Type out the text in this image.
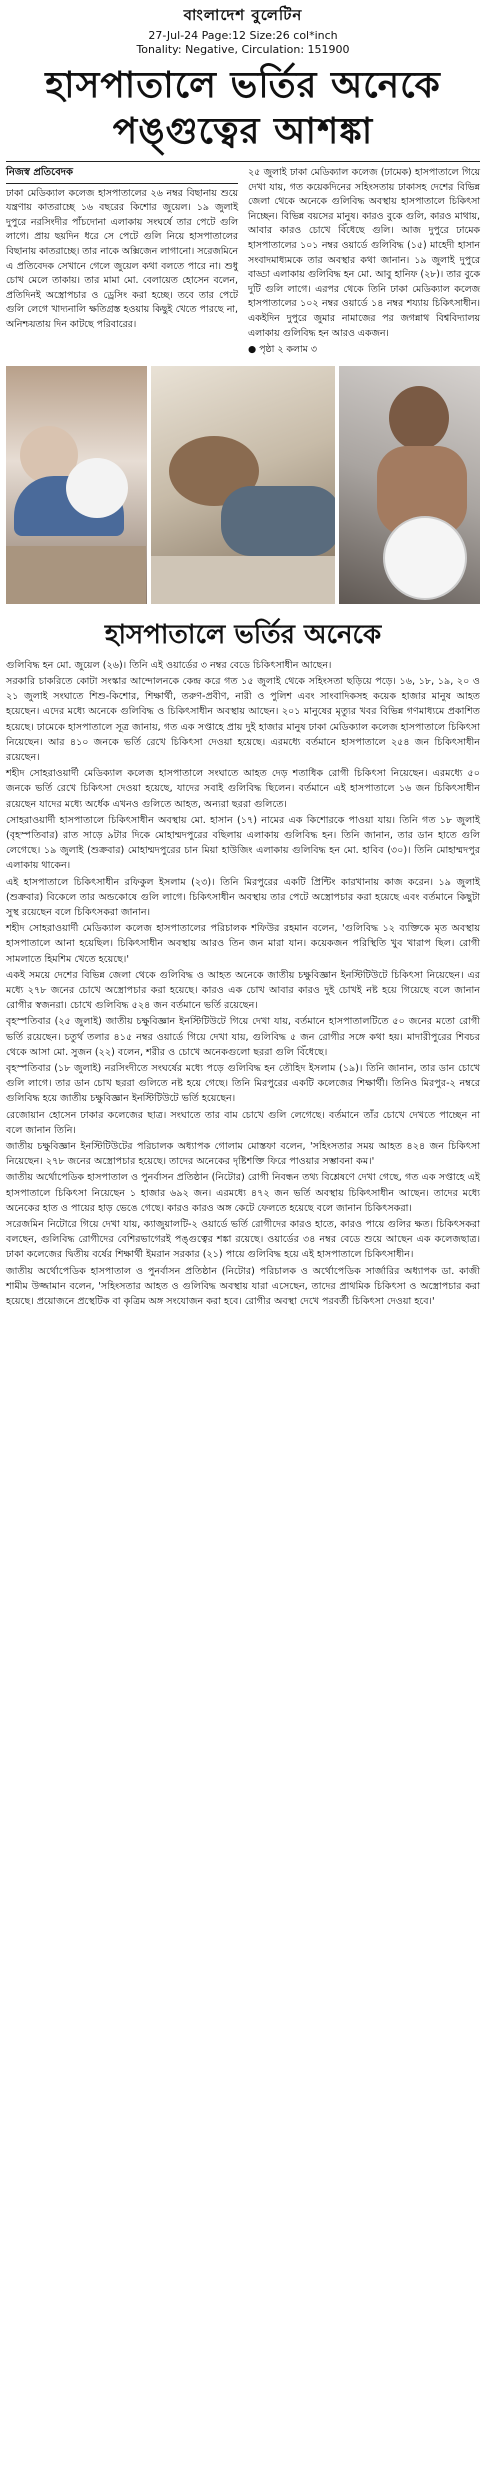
বাংলাদেশ বুলেটিন
27-Jul-24 Page:12 Size:26 col*inch
Tonality: Negative, Circulation: 151900
হাসপাতালে ভর্তির অনেকে পঙ্গুত্বের আশঙ্কা
নিজস্ব প্রতিবেদক
ঢাকা মেডিক্যাল কলেজ হাসপাতালের ২৬ নম্বর বিছানায় শুয়ে যন্ত্রণায় কাতরাচ্ছে ১৬ বছরের কিশোর জুয়েল। ১৯ জুলাই দুপুরে নরসিংদীর পাঁচদোনা এলাকায় সংঘর্ষে তার পেটে গুলি লাগে। প্রায় ছয়দিন ধরে সে পেটে গুলি নিয়ে হাসপাতালের বিছানায় কাতরাচ্ছে। তার নাকে অক্সিজেন লাগানো। সরেজমিনে এ প্রতিবেদক সেখানে গেলে জুয়েল কথা বলতে পারে না। শুধু চোখ মেলে তাকায়। তার মামা মো. বেলায়েত হোসেন বলেন, প্রতিদিনই অস্ত্রোপচার ও ড্রেসিং করা হচ্ছে। তবে তার পেটে গুলি লেগে খাদ্যনালি ক্ষতিগ্রস্ত হওয়ায় কিছুই খেতে পারছে না, অনিশ্চয়তায় দিন কাটছে পরিবারের।
২৫ জুলাই ঢাকা মেডিক্যাল কলেজ (ঢামেক) হাসপাতালে গিয়ে দেখা যায়, গত কয়েকদিনের সহিংসতায় ঢাকাসহ দেশের বিভিন্ন জেলা থেকে অনেকে গুলিবিদ্ধ অবস্থায় হাসপাতালে চিকিৎসা নিচ্ছেন। বিভিন্ন বয়সের মানুষ। কারও বুকে গুলি, কারও মাথায়, আবার কারও চোখে বিঁধেছে গুলি। আজ দুপুরে ঢামেক হাসপাতালের ১০১ নম্বর ওয়ার্ডে গুলিবিদ্ধ (১৫) মাহেদী হাসান সংবাদমাধ্যমকে তার অবস্থার কথা জানান। ১৯ জুলাই দুপুরে বাড্ডা এলাকায় গুলিবিদ্ধ হন মো. আবু হানিফ (২৮)। তার বুকে দুটি গুলি লাগে। এরপর থেকে তিনি ঢাকা মেডিক্যাল কলেজ হাসপাতালের ১০২ নম্বর ওয়ার্ডে ১৪ নম্বর শয্যায় চিকিৎসাধীন। একইদিন দুপুরে জুমার নামাজের পর জগন্নাথ বিশ্ববিদ্যালয় এলাকায় গুলিবিদ্ধ হন আরও একজন।
● পৃষ্ঠা ২ কলাম ৩
হাসপাতালে ভর্তির অনেকে

গুলিবিদ্ধ হন মো. জুয়েল (২৬)। তিনি এই ওয়ার্ডের ৩ নম্বর বেডে চিকিৎসাধীন আছেন।

সরকারি চাকরিতে কোটা সংস্কার আন্দোলনকে কেন্দ্র করে গত ১৫ জুলাই থেকে সহিংসতা ছড়িয়ে পড়ে। ১৬, ১৮, ১৯, ২০ ও ২১ জুলাই সংঘাতে শিশু-কিশোর, শিক্ষার্থী, তরুণ-প্রবীণ, নারী ও পুলিশ এবং সাংবাদিকসহ কয়েক হাজার মানুষ আহত হয়েছেন। এদের মধ্যে অনেকে গুলিবিদ্ধ ও চিকিৎসাধীন অবস্থায় আছেন। ২০১ মানুষের মৃত্যুর খবর বিভিন্ন গণমাধ্যমে প্রকাশিত হয়েছে। ঢামেকে হাসপাতালে সূত্র জানায়, গত এক সপ্তাহে প্রায় দুই হাজার মানুষ ঢাকা মেডিক্যাল কলেজ হাসপাতালে চিকিৎসা নিয়েছেন। আর ৪১০ জনকে ভর্তি রেখে চিকিৎসা দেওয়া হয়েছে। এরমধ্যে বর্তমানে হাসপাতালে ২৫৪ জন চিকিৎসাধীন রয়েছেন।

শহীদ সোহরাওয়ার্দী মেডিক্যাল কলেজ হাসপাতালে সংঘাতে আহত দেড় শতাধিক রোগী চিকিৎসা নিয়েছেন। এরমধ্যে ৫০ জনকে ভর্তি রেখে চিকিৎসা দেওয়া হয়েছে, যাদের সবাই গুলিবিদ্ধ ছিলেন। বর্তমানে এই হাসপাতালে ১৬ জন চিকিৎসাধীন রয়েছেন যাদের মধ্যে অর্ধেক এখনও গুলিতে আহত, অন্যরা ছররা গুলিতে।

সোহরাওয়ার্দী হাসপাতালে চিকিৎসাধীন অবস্থায় মো. হাসান (১৭) নামের এক কিশোরকে পাওয়া যায়। তিনি গত ১৮ জুলাই (বৃহস্পতিবার) রাত সাড়ে ৯টার দিকে মোহাম্মদপুরের বছিলায় এলাকায় গুলিবিদ্ধ হন। তিনি জানান, তার ডান হাতে গুলি লেগেছে। ১৯ জুলাই (শুক্রবার) মোহাম্মদপুরের চান মিয়া হাউজিং এলাকায় গুলিবিদ্ধ হন মো. হাবিব (৩০)। তিনি মোহাম্মদপুর এলাকায় থাকেন।

এই হাসপাতালে চিকিৎসাধীন রফিকুল ইসলাম (২৩)। তিনি মিরপুরের একটি প্রিন্টিং কারখানায় কাজ করেন। ১৯ জুলাই (শুক্রবার) বিকেলে তার অন্ডকোষে গুলি লাগে। চিকিৎসাধীন অবস্থায় তার পেটে অস্ত্রোপচার করা হয়েছে এবং বর্তমানে কিছুটা সুস্থ রয়েছেন বলে চিকিৎসকরা জানান।

শহীদ সোহরাওয়ার্দী মেডিক্যাল কলেজ হাসপাতালের পরিচালক শফিউর রহমান বলেন, 'গুলিবিদ্ধ ১২ ব্যক্তিকে মৃত অবস্থায় হাসপাতালে আনা হয়েছিল। চিকিৎসাধীন অবস্থায় আরও তিন জন মারা যান। কয়েকজন পরিস্থিতি খুব খারাপ ছিল। রোগী সামলাতে হিমশিম খেতে হয়েছে।'

একই সময়ে দেশের বিভিন্ন জেলা থেকে গুলিবিদ্ধ ও আহত অনেকে জাতীয় চক্ষুবিজ্ঞান ইনস্টিটিউটে চিকিৎসা নিয়েছেন। এর মধ্যে ২৭৮ জনের চোখে অস্ত্রোপচার করা হয়েছে। কারও এক চোখ আবার কারও দুই চোখই নষ্ট হয়ে গিয়েছে বলে জানান রোগীর স্বজনরা। চোখে গুলিবিদ্ধ ৫২৪ জন বর্তমানে ভর্তি রয়েছেন।

বৃহস্পতিবার (২৫ জুলাই) জাতীয় চক্ষুবিজ্ঞান ইনস্টিটিউটে গিয়ে দেখা যায়, বর্তমানে হাসপাতালটিতে ৫০ জনের মতো রোগী ভর্তি রয়েছেন। চতুর্থ তলার ৪১৫ নম্বর ওয়ার্ডে গিয়ে দেখা যায়, গুলিবিদ্ধ ৫ জন রোগীর সঙ্গে কথা হয়। মাদারীপুরের শিবচর থেকে আসা মো. সুজন (২২) বলেন, শরীর ও চোখে অনেকগুলো ছররা গুলি বিঁধেছে।

বৃহস্পতিবার (১৮ জুলাই) নরসিংদীতে সংঘর্ষের মধ্যে পড়ে গুলিবিদ্ধ হন তৌহিদ ইসলাম (১৯)। তিনি জানান, তার ডান চোখে গুলি লাগে। তার ডান চোখ ছররা গুলিতে নষ্ট হয়ে গেছে। তিনি মিরপুরের একটি কলেজের শিক্ষার্থী। তিনিও মিরপুর-২ নম্বরে গুলিবিদ্ধ হয়ে জাতীয় চক্ষুবিজ্ঞান ইনস্টিটিউটে ভর্তি হয়েছেন।

রেজোয়ান হোসেন ঢাকার কলেজের ছাত্র। সংঘাতে তার বাম চোখে গুলি লেগেছে। বর্তমানে তাঁর চোখে দেখতে পাচ্ছেন না বলে জানান তিনি।

জাতীয় চক্ষুবিজ্ঞান ইনস্টিটিউটের পরিচালক অধ্যাপক গোলাম মোস্তফা বলেন, 'সহিংসতার সময় আহত ৪২৪ জন চিকিৎসা নিয়েছেন। ২৭৮ জনের অস্ত্রোপচার হয়েছে। তাদের অনেকের দৃষ্টিশক্তি ফিরে পাওয়ার সম্ভাবনা কম।'

জাতীয় অর্থোপেডিক হাসপাতাল ও পুনর্বাসন প্রতিষ্ঠান (নিটোর) রোগী নিবন্ধন তথ্য বিশ্লেষণে দেখা গেছে, গত এক সপ্তাহে এই হাসপাতালে চিকিৎসা নিয়েছেন ১ হাজার ৬৯২ জন। এরমধ্যে ৪৭২ জন ভর্তি অবস্থায় চিকিৎসাধীন আছেন। তাদের মধ্যে অনেকের হাত ও পায়ের হাড় ভেঙে গেছে। কারও কারও অঙ্গ কেটে ফেলতে হয়েছে বলে জানান চিকিৎসকরা।

সরেজমিন নিটোরে গিয়ে দেখা যায়, ক্যাজুয়ালটি-২ ওয়ার্ডে ভর্তি রোগীদের কারও হাতে, কারও পায়ে গুলির ক্ষত। চিকিৎসকরা বলছেন, গুলিবিদ্ধ রোগীদের বেশিরভাগেরই পঙ্গুত্বের শঙ্কা রয়েছে। ওয়ার্ডের ৩৪ নম্বর বেডে শুয়ে আছেন এক কলেজছাত্র। ঢাকা কলেজের দ্বিতীয় বর্ষের শিক্ষার্থী ইমরান সরকার (২১) পায়ে গুলিবিদ্ধ হয়ে এই হাসপাতালে চিকিৎসাধীন।

জাতীয় অর্থোপেডিক হাসপাতাল ও পুনর্বাসন প্রতিষ্ঠান (নিটোর) পরিচালক ও অর্থোপেডিক সার্জারির অধ্যাপক ডা. কাজী শামীম উজ্জামান বলেন, 'সহিংসতার আহত ও গুলিবিদ্ধ অবস্থায় যারা এসেছেন, তাদের প্রাথমিক চিকিৎসা ও অস্ত্রোপচার করা হয়েছে। প্রয়োজনে প্রস্থেটিক বা কৃত্রিম অঙ্গ সংযোজন করা হবে। রোগীর অবস্থা দেখে পরবর্তী চিকিৎসা দেওয়া হবে।'
